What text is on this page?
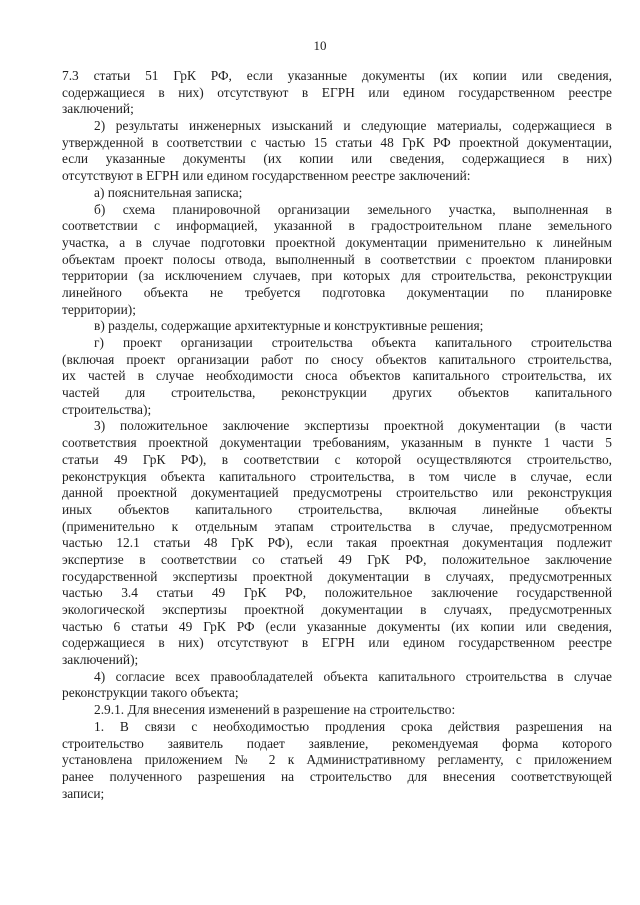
10
7.3 статьи 51 ГрК РФ, если указанные документы (их копии или сведения,
содержащиеся в них) отсутствуют в ЕГРН или едином государственном реестре
заключений;
2) результаты инженерных изысканий и следующие материалы, содержащиеся в
утвержденной в соответствии с частью 15 статьи 48 ГрК РФ проектной документации,
если указанные документы (их копии или сведения, содержащиеся в них)
отсутствуют в ЕГРН или едином государственном реестре заключений:
а) пояснительная записка;
б) схема планировочной организации земельного участка, выполненная в
соответствии с информацией, указанной в градостроительном плане земельного
участка, а в случае подготовки проектной документации применительно к линейным
объектам проект полосы отвода, выполненный в соответствии с проектом планировки
территории (за исключением случаев, при которых для строительства, реконструкции
линейного объекта не требуется подготовка документации по планировке
территории);
в) разделы, содержащие архитектурные и конструктивные решения;
г) проект организации строительства объекта капитального строительства
(включая проект организации работ по сносу объектов капитального строительства,
их частей в случае необходимости сноса объектов капитального строительства, их
частей для строительства, реконструкции других объектов капитального
строительства);
3) положительное заключение экспертизы проектной документации (в части
соответствия проектной документации требованиям, указанным в пункте 1 части 5
статьи 49 ГрК РФ), в соответствии с которой осуществляются строительство,
реконструкция объекта капитального строительства, в том числе в случае, если
данной проектной документацией предусмотрены строительство или реконструкция
иных объектов капитального строительства, включая линейные объекты
(применительно к отдельным этапам строительства в случае, предусмотренном
частью 12.1 статьи 48 ГрК РФ), если такая проектная документация подлежит
экспертизе в соответствии со статьей 49 ГрК РФ, положительное заключение
государственной экспертизы проектной документации в случаях, предусмотренных
частью 3.4 статьи 49 ГрК РФ, положительное заключение государственной
экологической экспертизы проектной документации в случаях, предусмотренных
частью 6 статьи 49 ГрК РФ (если указанные документы (их копии или сведения,
содержащиеся в них) отсутствуют в ЕГРН или едином государственном реестре
заключений);
4) согласие всех правообладателей объекта капитального строительства в случае
реконструкции такого объекта;
2.9.1. Для внесения изменений в разрешение на строительство:
1. В связи с необходимостью продления срока действия разрешения на
строительство заявитель подает заявление, рекомендуемая форма которого
установлена приложением № 2 к Административному регламенту, с приложением
ранее полученного разрешения на строительство для внесения соответствующей
записи;
